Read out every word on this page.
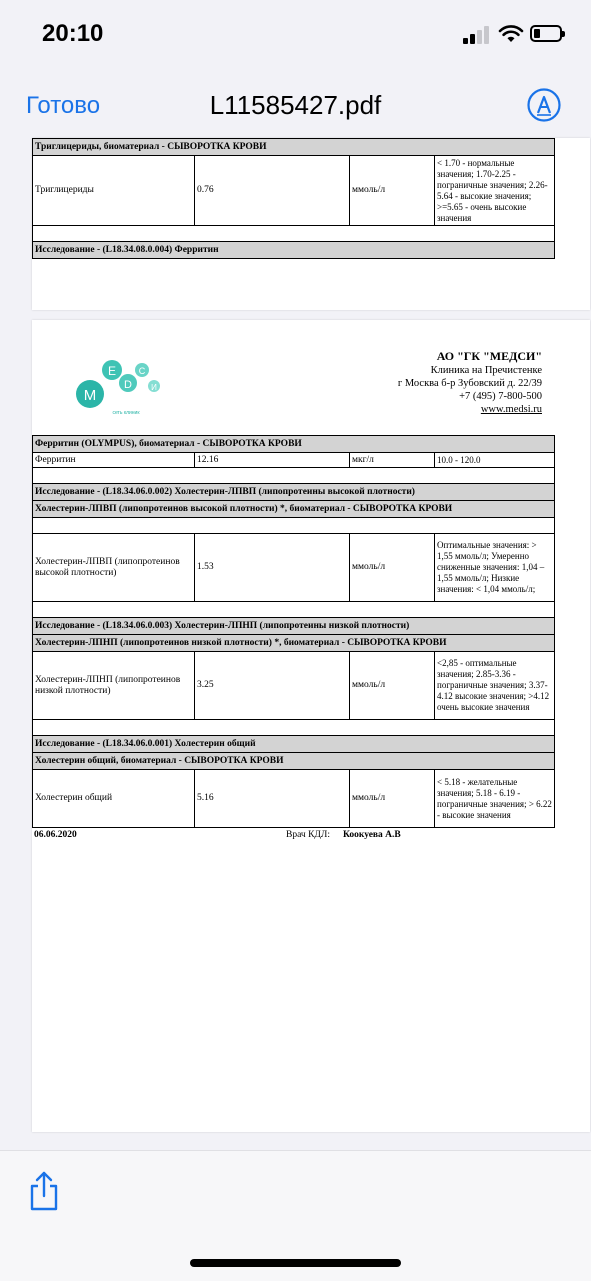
20:10
Готово	L11585427.pdf
Триглицериды, биоматериал - СЫВОРОТКА КРОВИ
Триглицериды	0.76	ммоль/л	< 1.70 - нормальные значения; 1.70-2.25 - пограничные значения; 2.26-5.64 - высокие значения; >=5.65 - очень высокие значения

Исследование - (L18.34.08.0.004) Ферритин
М
Е
D
С
И
сеть клиник
АО "ГК "МЕДСИ"
Клиника на Пречистенке
г Москва б-р Зубовский д. 22/39
+7 (495) 7-800-500
www.medsi.ru
Ферритин (OLYMPUS), биоматериал - СЫВОРОТКА КРОВИ			
Ферритин	12.16	мкг/л	10.0 - 120.0

Исследование - (L18.34.06.0.002) Холестерин-ЛПВП (липопротеины высокой плотности)			
Холестерин-ЛПВП (липопротеинов высокой плотности) *, биоматериал - СЫВОРОТКА КРОВИ			

Холестерин-ЛПВП (липопротеинов высокой плотности)	1.53	ммоль/л	Оптимальные значения: > 1,55 ммоль/л; Умеренно сниженные значения: 1,04 – 1,55 ммоль/л; Низкие значения: < 1,04 ммоль/л;

Исследование - (L18.34.06.0.003) Холестерин-ЛПНП (липопротеины низкой плотности)			
Холестерин-ЛПНП (липопротеинов низкой плотности) *, биоматериал - СЫВОРОТКА КРОВИ			
Холестерин-ЛПНП (липопротеинов низкой плотности)	3.25	ммоль/л	<2,85 - оптимальные значения; 2.85-3.36 - пограничные значения; 3.37-4.12 высокие значения; >4.12 очень высокие значения

Исследование - (L18.34.06.0.001) Холестерин общий			
Холестерин общий, биоматериал - СЫВОРОТКА КРОВИ			
Холестерин общий	5.16	ммоль/л	< 5.18 - желательные значения; 5.18 - 6.19 - пограничные значения; > 6.22 - высокие значения
06.06.2020	Врач КДЛ: Коокуева А.В
